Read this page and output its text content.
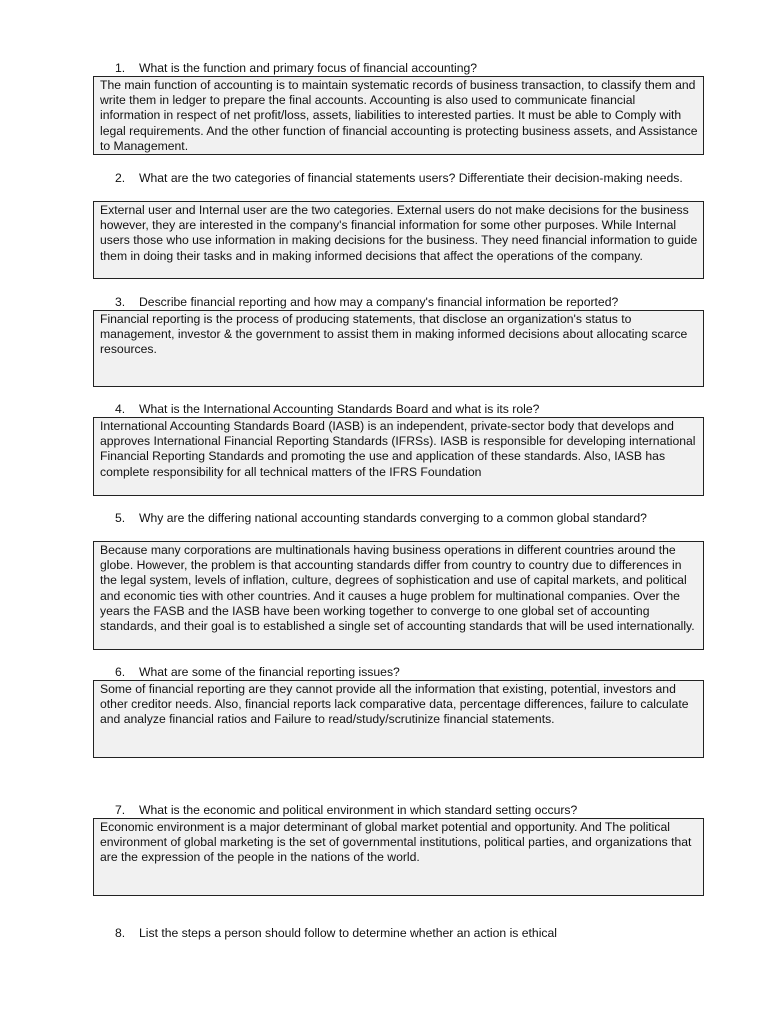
1. What is the function and primary focus of financial accounting?
The main function of accounting is to maintain systematic records of business transaction, to classify them and write them in ledger to prepare the final accounts. Accounting is also used to communicate financial information in respect of net profit/loss, assets, liabilities to interested parties. It must be able to Comply with legal requirements. And the other function of financial accounting is protecting business assets, and Assistance to Management.
2. What are the two categories of financial statements users? Differentiate their decision-making needs.
External user and Internal user are the two categories. External users do not make decisions for the business however, they are interested in the company's financial information for some other purposes. While Internal users those who use information in making decisions for the business. They need financial information to guide them in doing their tasks and in making informed decisions that affect the operations of the company.
3. Describe financial reporting and how may a company's financial information be reported?
Financial reporting is the process of producing statements, that disclose an organization's status to management, investor & the government to assist them in making informed decisions about allocating scarce resources.
4. What is the International Accounting Standards Board and what is its role?
International Accounting Standards Board (IASB) is an independent, private-sector body that develops and approves International Financial Reporting Standards (IFRSs). IASB is responsible for developing international Financial Reporting Standards and promoting the use and application of these standards. Also, IASB has complete responsibility for all technical matters of the IFRS Foundation
5. Why are the differing national accounting standards converging to a common global standard?
Because many corporations are multinationals having business operations in different countries around the globe. However, the problem is that accounting standards differ from country to country due to differences in the legal system, levels of inflation, culture, degrees of sophistication and use of capital markets, and political and economic ties with other countries. And it causes a huge problem for multinational companies. Over the years the FASB and the IASB have been working together to converge to one global set of accounting standards, and their goal is to established a single set of accounting standards that will be used internationally.
6. What are some of the financial reporting issues?
Some of financial reporting are they cannot provide all the information that existing, potential, investors and other creditor needs. Also, financial reports lack comparative data, percentage differences, failure to calculate and analyze financial ratios and Failure to read/study/scrutinize financial statements.
7. What is the economic and political environment in which standard setting occurs?
Economic environment is a major determinant of global market potential and opportunity. And The political environment of global marketing is the set of governmental institutions, political parties, and organizations that are the expression of the people in the nations of the world.
8. List the steps a person should follow to determine whether an action is ethical
